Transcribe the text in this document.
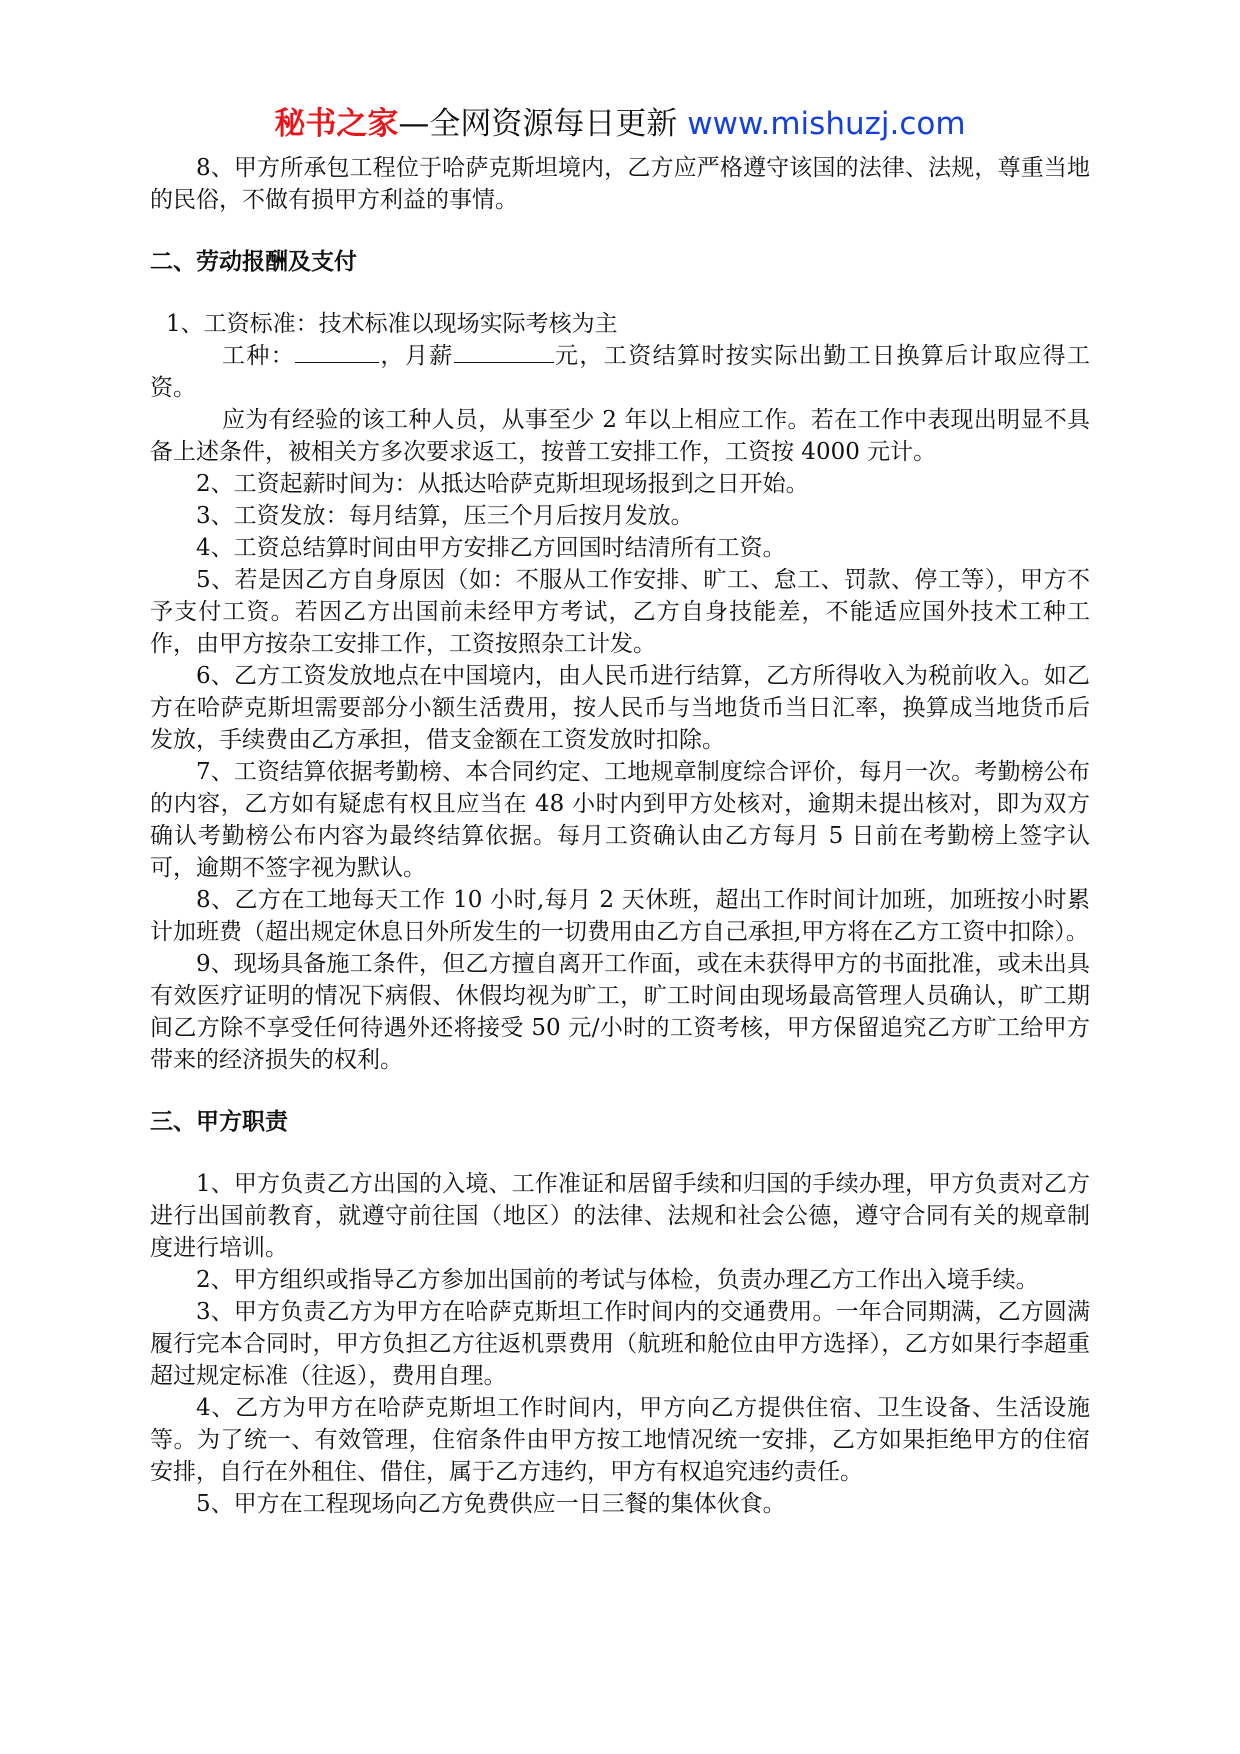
秘书之家—全网资源每日更新 www.mishuzj.com

8、甲方所承包工程位于哈萨克斯坦境内，乙方应严格遵守该国的法律、法规，尊重当地的民俗，不做有损甲方利益的事情。

二、劳动报酬及支付

1、工资标准：技术标准以现场实际考核为主

工种：	，月薪	元，工资结算时按实际出勤工日换算后计取应得工资。

应为有经验的该工种人员，从事至少 2 年以上相应工作。若在工作中表现出明显不具备上述条件，被相关方多次要求返工，按普工安排工作，工资按 4000 元计。

2、工资起薪时间为：从抵达哈萨克斯坦现场报到之日开始。

3、工资发放：每月结算，压三个月后按月发放。

4、工资总结算时间由甲方安排乙方回国时结清所有工资。

5、若是因乙方自身原因（如：不服从工作安排、旷工、怠工、罚款、停工等），甲方不予支付工资。若因乙方出国前未经甲方考试，乙方自身技能差，不能适应国外技术工种工作，由甲方按杂工安排工作，工资按照杂工计发。

6、乙方工资发放地点在中国境内，由人民币进行结算，乙方所得收入为税前收入。如乙方在哈萨克斯坦需要部分小额生活费用，按人民币与当地货币当日汇率，换算成当地货币后发放，手续费由乙方承担，借支金额在工资发放时扣除。

7、工资结算依据考勤榜、本合同约定、工地规章制度综合评价，每月一次。考勤榜公布的内容，乙方如有疑虑有权且应当在 48 小时内到甲方处核对，逾期未提出核对，即为双方确认考勤榜公布内容为最终结算依据。每月工资确认由乙方每月 5 日前在考勤榜上签字认可，逾期不签字视为默认。

8、乙方在工地每天工作 10 小时,每月 2 天休班，超出工作时间计加班，加班按小时累计加班费（超出规定休息日外所发生的一切费用由乙方自己承担,甲方将在乙方工资中扣除）。

9、现场具备施工条件，但乙方擅自离开工作面，或在未获得甲方的书面批准，或未出具有效医疗证明的情况下病假、休假均视为旷工，旷工时间由现场最高管理人员确认，旷工期间乙方除不享受任何待遇外还将接受 50 元/小时的工资考核，甲方保留追究乙方旷工给甲方带来的经济损失的权利。

三、甲方职责

1、甲方负责乙方出国的入境、工作准证和居留手续和归国的手续办理，甲方负责对乙方进行出国前教育，就遵守前往国（地区）的法律、法规和社会公德，遵守合同有关的规章制度进行培训。

2、甲方组织或指导乙方参加出国前的考试与体检，负责办理乙方工作出入境手续。

3、甲方负责乙方为甲方在哈萨克斯坦工作时间内的交通费用。一年合同期满，乙方圆满履行完本合同时，甲方负担乙方往返机票费用（航班和舱位由甲方选择），乙方如果行李超重超过规定标准（往返），费用自理。

4、乙方为甲方在哈萨克斯坦工作时间内，甲方向乙方提供住宿、卫生设备、生活设施等。为了统一、有效管理，住宿条件由甲方按工地情况统一安排，乙方如果拒绝甲方的住宿安排，自行在外租住、借住，属于乙方违约，甲方有权追究违约责任。

5、甲方在工程现场向乙方免费供应一日三餐的集体伙食。
